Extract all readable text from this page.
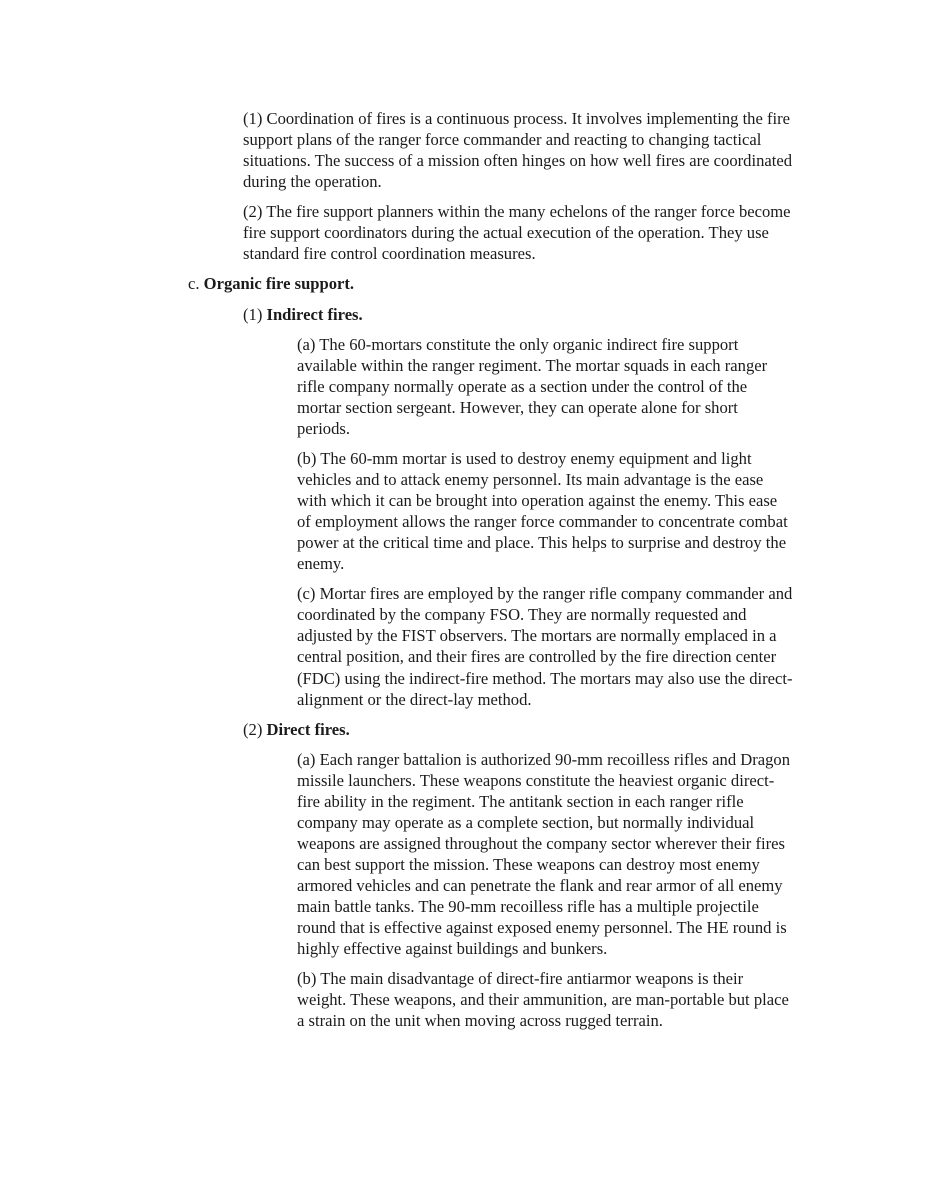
(1) Coordination of fires is a continuous process. It involves implementing the fire support plans of the ranger force commander and reacting to changing tactical situations. The success of a mission often hinges on how well fires are coordinated during the operation.

(2) The fire support planners within the many echelons of the ranger force become fire support coordinators during the actual execution of the operation. They use standard fire control coordination measures.

c. Organic fire support.

(1) Indirect fires.

(a) The 60-mortars constitute the only organic indirect fire support available within the ranger regiment. The mortar squads in each ranger rifle company normally operate as a section under the control of the mortar section sergeant. However, they can operate alone for short periods.

(b) The 60-mm mortar is used to destroy enemy equipment and light vehicles and to attack enemy personnel. Its main advantage is the ease with which it can be brought into operation against the enemy. This ease of employment allows the ranger force commander to concentrate combat power at the critical time and place. This helps to surprise and destroy the enemy.

(c) Mortar fires are employed by the ranger rifle company commander and coordinated by the company FSO. They are normally requested and adjusted by the FIST observers. The mortars are normally emplaced in a central position, and their fires are controlled by the fire direction center (FDC) using the indirect-fire method. The mortars may also use the direct-alignment or the direct-lay method.

(2) Direct fires.

(a) Each ranger battalion is authorized 90-mm recoilless rifles and Dragon missile launchers. These weapons constitute the heaviest organic direct-fire ability in the regiment. The antitank section in each ranger rifle company may operate as a complete section, but normally individual weapons are assigned throughout the company sector wherever their fires can best support the mission. These weapons can destroy most enemy armored vehicles and can penetrate the flank and rear armor of all enemy main battle tanks. The 90-mm recoilless rifle has a multiple projectile round that is effective against exposed enemy personnel. The HE round is highly effective against buildings and bunkers.

(b) The main disadvantage of direct-fire antiarmor weapons is their weight. These weapons, and their ammunition, are man-portable but place a strain on the unit when moving across rugged terrain.
